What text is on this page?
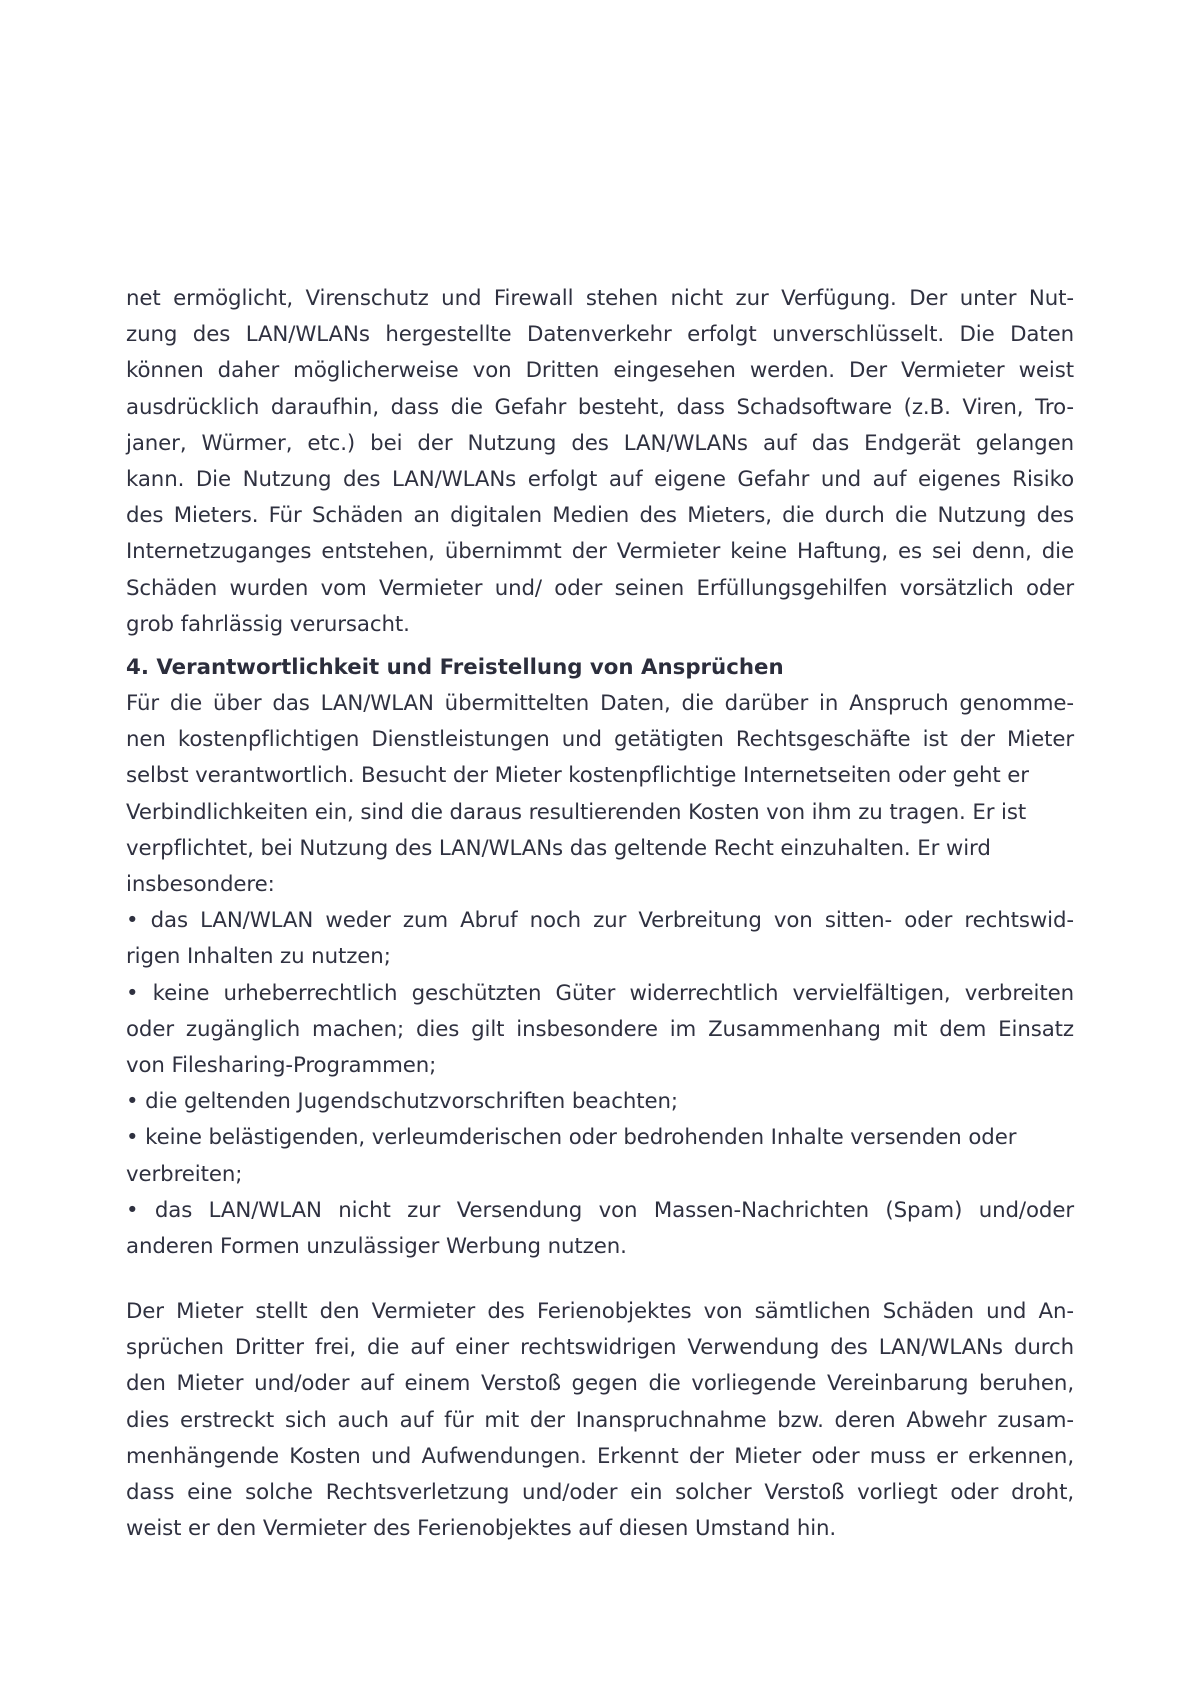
net ermöglicht, Virenschutz und Firewall stehen nicht zur Verfügung. Der unter Nut-
zung des LAN/WLANs hergestellte Datenverkehr erfolgt unverschlüsselt. Die Daten
können daher möglicherweise von Dritten eingesehen werden. Der Vermieter weist
ausdrücklich daraufhin, dass die Gefahr besteht, dass Schadsoftware (z.B. Viren, Tro-
janer, Würmer, etc.) bei der Nutzung des LAN/WLANs auf das Endgerät gelangen
kann. Die Nutzung des LAN/WLANs erfolgt auf eigene Gefahr und auf eigenes Risiko
des Mieters. Für Schäden an digitalen Medien des Mieters, die durch die Nutzung des
Internetzuganges entstehen, übernimmt der Vermieter keine Haftung, es sei denn, die
Schäden wurden vom Vermieter und/ oder seinen Erfüllungsgehilfen vorsätzlich oder
grob fahrlässig verursacht.
4. Verantwortlichkeit und Freistellung von Ansprüchen
Für die über das LAN/WLAN übermittelten Daten, die darüber in Anspruch genomme-
nen kostenpflichtigen Dienstleistungen und getätigten Rechtsgeschäfte ist der Mieter
selbst verantwortlich. Besucht der Mieter kostenpflichtige Internetseiten oder geht er
Verbindlichkeiten ein, sind die daraus resultierenden Kosten von ihm zu tragen. Er ist
verpflichtet, bei Nutzung des LAN/WLANs das geltende Recht einzuhalten. Er wird
insbesondere:
• das LAN/WLAN weder zum Abruf noch zur Verbreitung von sitten- oder rechtswid-
rigen Inhalten zu nutzen;
• keine urheberrechtlich geschützten Güter widerrechtlich vervielfältigen, verbreiten
oder zugänglich machen; dies gilt insbesondere im Zusammenhang mit dem Einsatz
von Filesharing-Programmen;
• die geltenden Jugendschutzvorschriften beachten;
• keine belästigenden, verleumderischen oder bedrohenden Inhalte versenden oder
verbreiten;
• das LAN/WLAN nicht zur Versendung von Massen-Nachrichten (Spam) und/oder
anderen Formen unzulässiger Werbung nutzen.
Der Mieter stellt den Vermieter des Ferienobjektes von sämtlichen Schäden und An-
sprüchen Dritter frei, die auf einer rechtswidrigen Verwendung des LAN/WLANs durch
den Mieter und/oder auf einem Verstoß gegen die vorliegende Vereinbarung beruhen,
dies erstreckt sich auch auf für mit der Inanspruchnahme bzw. deren Abwehr zusam-
menhängende Kosten und Aufwendungen. Erkennt der Mieter oder muss er erkennen,
dass eine solche Rechtsverletzung und/oder ein solcher Verstoß vorliegt oder droht,
weist er den Vermieter des Ferienobjektes auf diesen Umstand hin.
